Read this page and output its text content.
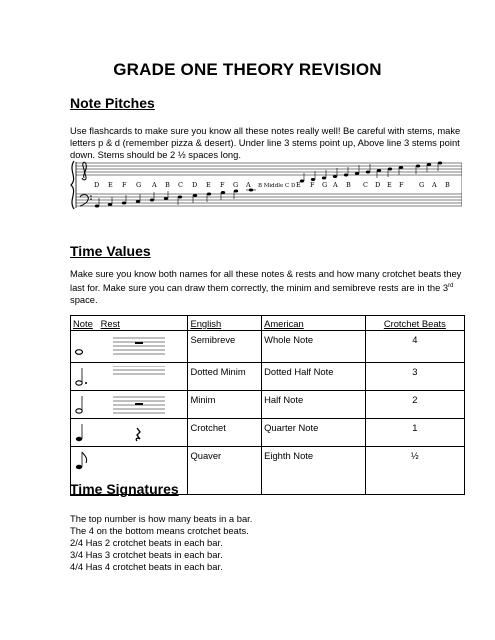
GRADE ONE THEORY REVISION
Note Pitches
Use flashcards to make sure you know all these notes really well! Be careful with stems, make letters p & d (remember pizza & desert). Under line 3 stems point up, Above line 3 stems point down. Stems should be 2 ½ spaces long.
D E F G A B C D E F G A B Middle C D E F G A B C D E F G A B
Time Values
Make sure you know both names for all these notes & rests and how many crotchet beats they last for. Make sure you can draw them correctly, the minim and semibreve rests are in the 3rd space.
Note Rest	English	American	Crotchet Beats
	Semibreve	Whole Note	4
	Dotted Minim	Dotted Half Note	3
	Minim	Half Note	2
	Crotchet	Quarter Note	1
	Quaver	Eighth Note	½
Time Signatures
The top number is how many beats in a bar.
The 4 on the bottom means crotchet beats.
2/4 Has 2 crotchet beats in each bar.
3/4 Has 3 crotchet beats in each bar.
4/4 Has 4 crotchet beats in each bar.
